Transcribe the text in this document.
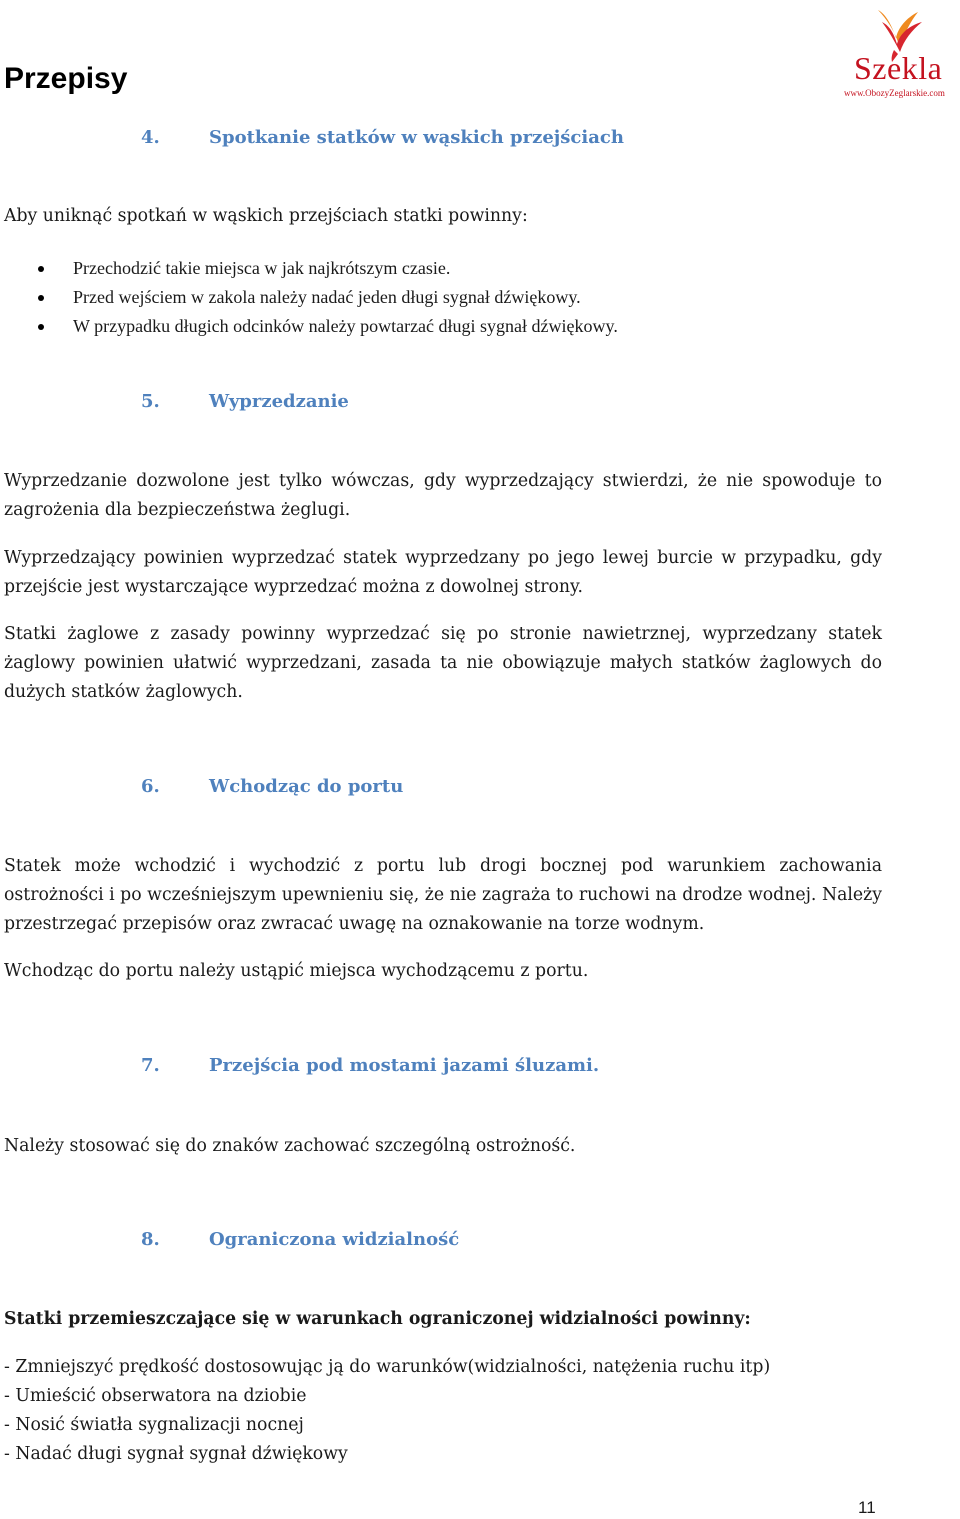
Przepisy	Szekla
www.ObozyZeglarskie.com
4.	Spotkanie statków w wąskich przejściach

Aby uniknąć spotkań w wąskich przejściach statki powinny:

Przechodzić takie miejsca w jak najkrótszym czasie.
Przed wejściem w zakola należy nadać jeden długi sygnał dźwiękowy.
W przypadku długich odcinków należy powtarzać długi sygnał dźwiękowy.
5.	Wyprzedzanie

Wyprzedzanie dozwolone jest tylko wówczas, gdy wyprzedzający stwierdzi, że nie spowoduje to zagrożenia dla bezpieczeństwa żeglugi.

Wyprzedzający powinien wyprzedzać statek wyprzedzany po jego lewej burcie w przypadku, gdy przejście jest wystarczające wyprzedzać można z dowolnej strony.

Statki żaglowe z zasady powinny wyprzedzać się po stronie nawietrznej, wyprzedzany statek żaglowy powinien ułatwić wyprzedzani, zasada ta nie obowiązuje małych statków żaglowych do dużych statków żaglowych.

6.	Wchodząc do portu

Statek może wchodzić i wychodzić z portu lub drogi bocznej pod warunkiem zachowania ostrożności i po wcześniejszym upewnieniu się, że nie zagraża to ruchowi na drodze wodnej. Należy przestrzegać przepisów oraz zwracać uwagę na oznakowanie na torze wodnym.

Wchodząc do portu należy ustąpić miejsca wychodzącemu z portu.

7.	Przejścia pod mostami jazami śluzami.

Należy stosować się do znaków zachować szczególną ostrożność.

8.	Ograniczona widzialność

Statki przemieszczające się w warunkach ograniczonej widzialności powinny:

- Zmniejszyć prędkość dostosowując ją do warunków(widzialności, natężenia ruchu itp)
- Umieścić obserwatora na dziobie
- Nosić światła sygnalizacji nocnej
- Nadać długi sygnał sygnał dźwiękowy
11
